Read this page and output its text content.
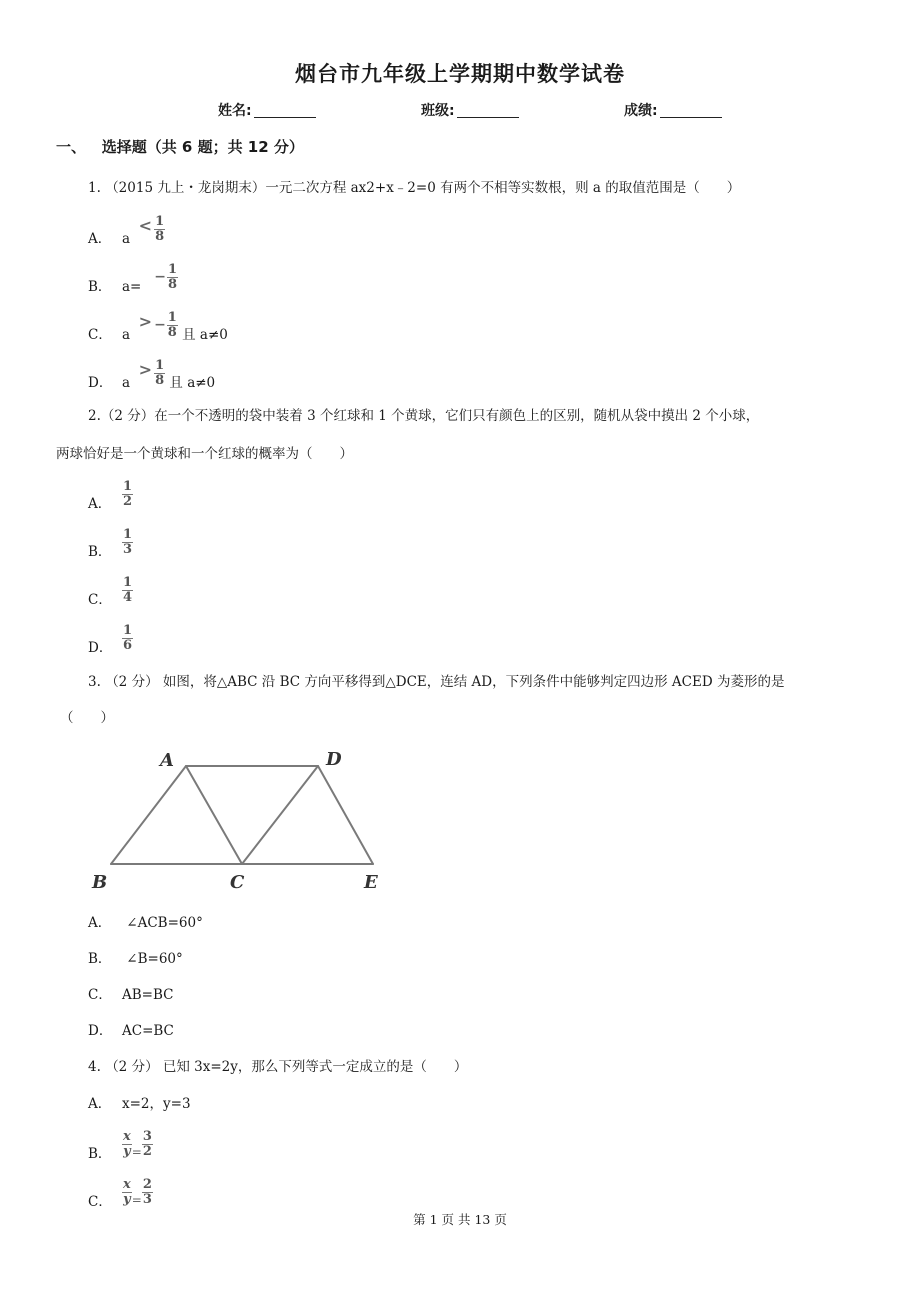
烟台市九年级上学期期中数学试卷
姓名:	班级:	成绩:
一、 选择题（共 6 题；共 12 分）
1. （2015 九上・龙岗期末）一元二次方程 ax2+x﹣2=0 有两个不相等实数根，则 a 的取值范围是（　　）
A． $a < \frac{1}{8}$
B． $a= - \frac{1}{8}$
C． a  > − $\frac{1}{8}$ 且 a≠0
D． $a > \frac{1}{8}$ 且 a≠0
2.（2 分）在一个不透明的袋中装着 3 个红球和 1 个黄球，它们只有颜色上的区别，随机从袋中摸出 2 个小球，
两球恰好是一个黄球和一个红球的概率为（　　）
A． $\frac{1}{2}$
B． $\frac{1}{3}$
C． $\frac{1}{4}$
D． $\frac{1}{6}$
3. （2 分） 如图，将△ABC 沿 BC 方向平移得到△DCE，连结 AD，下列条件中能够判定四边形 ACED 为菱形的是
（　　）
A	D
B	C	E
A． ∠ACB=60°
B． ∠B=60°
C． AB=BC
D． AC=BC
4. （2 分） 已知 3x=2y，那么下列等式一定成立的是（　　）
A． x=2，y=3
B． $\frac{x}{y} = \frac{3}{2}$
C． $\frac{x}{y} = \frac{2}{3}$
第 1 页 共 13 页
